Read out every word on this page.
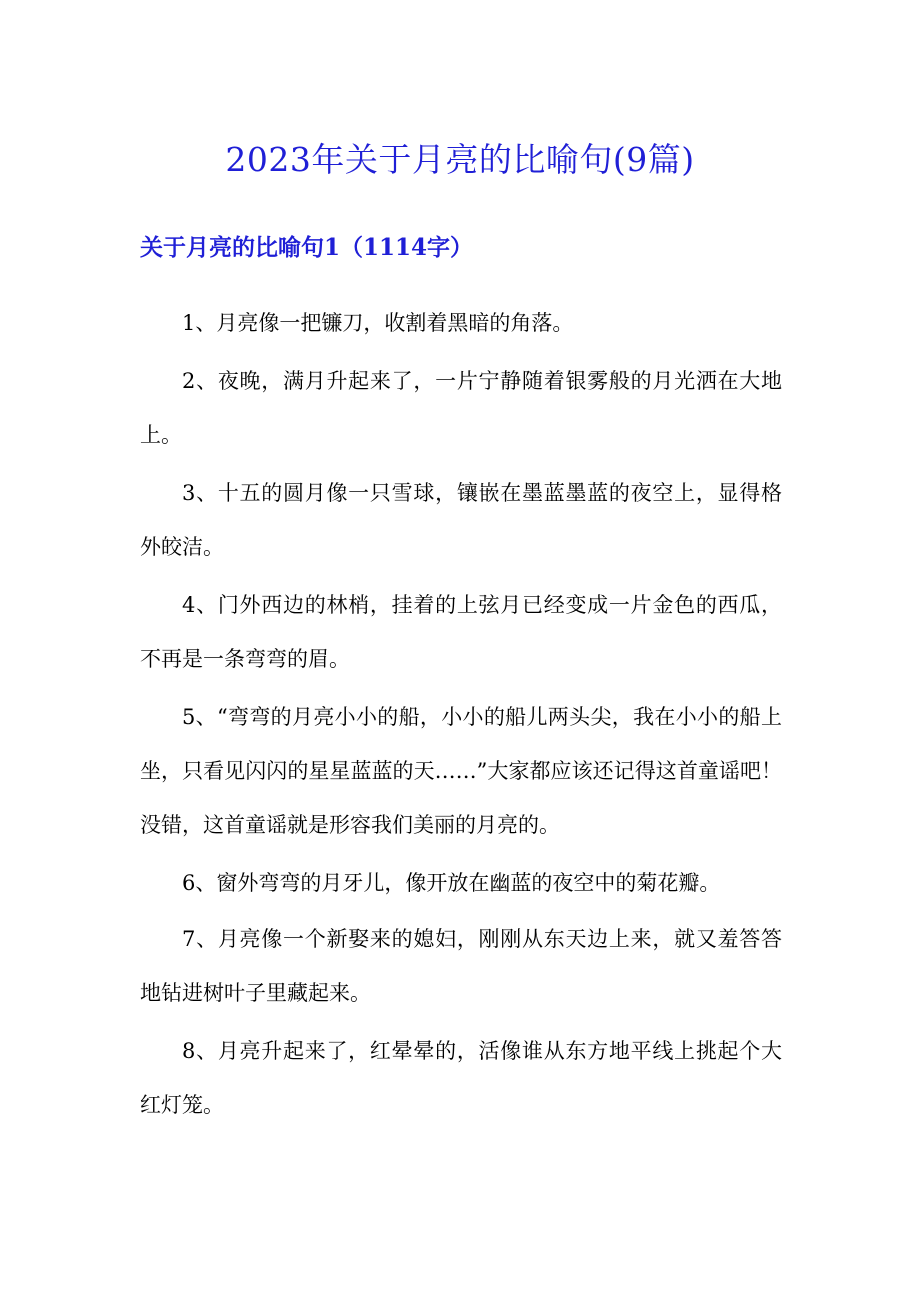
2023年关于月亮的比喻句(9篇)
关于月亮的比喻句1（1114字）

1、月亮像一把镰刀，收割着黑暗的角落。

2、夜晚，满月升起来了，一片宁静随着银雾般的月光洒在大地上。

3、十五的圆月像一只雪球，镶嵌在墨蓝墨蓝的夜空上，显得格外皎洁。

4、门外西边的林梢，挂着的上弦月已经变成一片金色的西瓜，不再是一条弯弯的眉。

5、“弯弯的月亮小小的船，小小的船儿两头尖，我在小小的船上坐，只看见闪闪的星星蓝蓝的天……”大家都应该还记得这首童谣吧！没错，这首童谣就是形容我们美丽的月亮的。

6、窗外弯弯的月牙儿，像开放在幽蓝的夜空中的菊花瓣。

7、月亮像一个新娶来的媳妇，刚刚从东天边上来，就又羞答答地钻进树叶子里藏起来。

8、月亮升起来了，红晕晕的，活像谁从东方地平线上挑起个大红灯笼。
